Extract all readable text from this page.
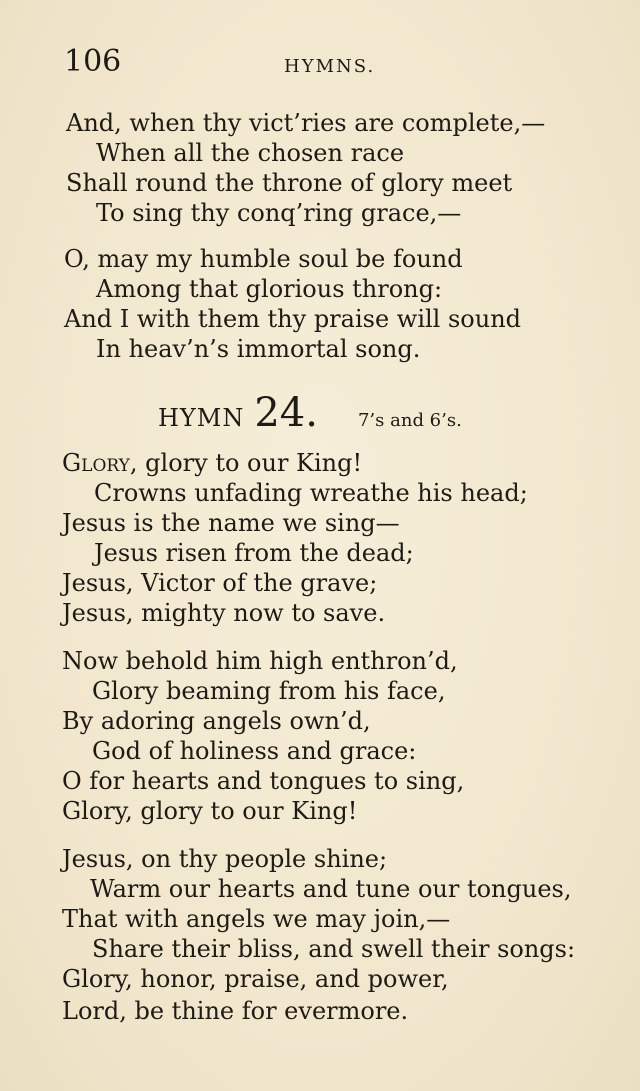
106	HYMNS.
And, when thy vict’ries are complete,—
When all the chosen race
Shall round the throne of glory meet
To sing thy conq’ring grace,—
O, may my humble soul be found
Among that glorious throng:
And I with them thy praise will sound
In heav’n’s immortal song.
HYMN 24. 7’s and 6’s.
Glory, glory to our King!
Crowns unfading wreathe his head;
Jesus is the name we sing—
Jesus risen from the dead;
Jesus, Victor of the grave;
Jesus, mighty now to save.
Now behold him high enthron’d,
Glory beaming from his face,
By adoring angels own’d,
God of holiness and grace:
O for hearts and tongues to sing,
Glory, glory to our King!
Jesus, on thy people shine;
Warm our hearts and tune our tongues,
That with angels we may join,—
Share their bliss, and swell their songs:
Glory, honor, praise, and power,
Lord, be thine for evermore.
